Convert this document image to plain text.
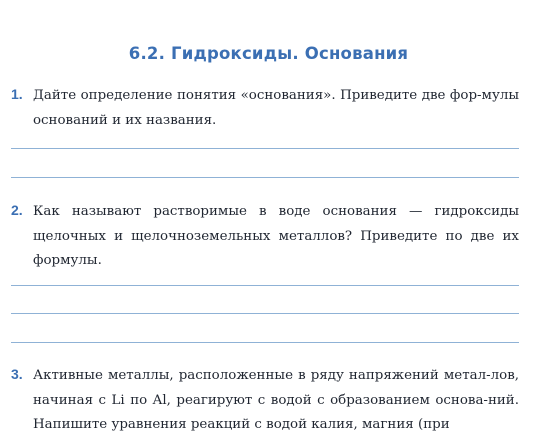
6.2. Гидроксиды. Основания
1. Дайте определение понятия «основания». Приведите две фор-мулы оснований и их названия.
2. Как называют растворимые в воде основания — гидроксиды щелочных и щелочноземельных металлов? Приведите по две их формулы.
3. Активные металлы, расположенные в ряду напряжений метал-лов, начиная с Li по Al, реагируют с водой с образованием основа-ний. Напишите уравнения реакций с водой калия, магния (при
